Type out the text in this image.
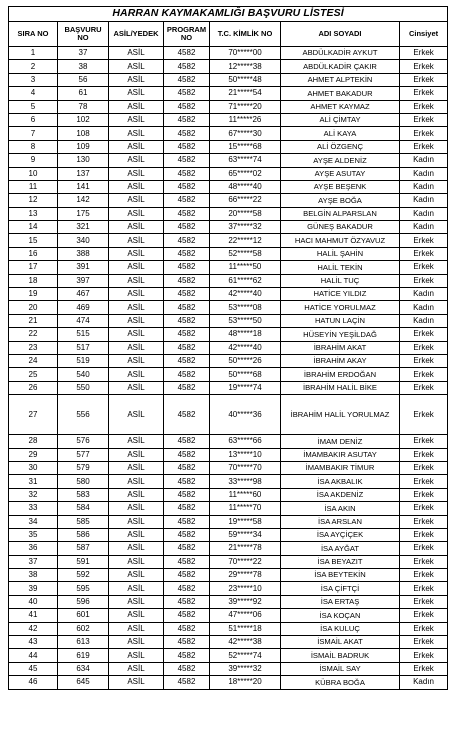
HARRAN KAYMAKAMLIĞI BAŞVURU LİSTESİ						
SIRA NO	BAŞVURU NO	ASİL/YEDEK	PROGRAM NO	T.C. KİMLİK NO	ADI SOYADI	Cinsiyet
1	37	ASİL	4582	70*****00	ABDÜLKADİR AYKUT	Erkek
2	38	ASİL	4582	12*****38	ABDÜLKADİR ÇAKIR	Erkek
3	56	ASİL	4582	50*****48	AHMET ALPTEKİN	Erkek
4	61	ASİL	4582	21*****54	AHMET BAKADUR	Erkek
5	78	ASİL	4582	71*****20	AHMET KAYMAZ	Erkek
6	102	ASİL	4582	11*****26	ALİ ÇİMTAY	Erkek
7	108	ASİL	4582	67*****30	ALİ KAYA	Erkek
8	109	ASİL	4582	15*****68	ALİ ÖZGENÇ	Erkek
9	130	ASİL	4582	63*****74	AYŞE ALDENİZ	Kadın
10	137	ASİL	4582	65*****02	AYŞE ASUTAY	Kadın
11	141	ASİL	4582	48*****40	AYŞE BEŞENK	Kadın
12	142	ASİL	4582	66*****22	AYŞE BOĞA	Kadın
13	175	ASİL	4582	20*****58	BELGİN ALPARSLAN	Kadın
14	321	ASİL	4582	37*****32	GÜNEŞ BAKADUR	Kadın
15	340	ASİL	4582	22*****12	HACI MAHMUT ÖZYAVUZ	Erkek
16	388	ASİL	4582	52*****58	HALİL ŞAHİN	Erkek
17	391	ASİL	4582	11*****50	HALİL TEKİN	Erkek
18	397	ASİL	4582	61*****62	HALİL TUÇ	Erkek
19	467	ASİL	4582	42*****40	HATİCE YILDIZ	Kadın
20	469	ASİL	4582	53*****08	HATİCE YORULMAZ	Kadın
21	474	ASİL	4582	53*****50	HATUN LAÇİN	Kadın
22	515	ASİL	4582	48*****18	HÜSEYİN YEŞİLDAĞ	Erkek
23	517	ASİL	4582	42*****40	İBRAHİM AKAT	Erkek
24	519	ASİL	4582	50*****26	İBRAHİM AKAY	Erkek
25	540	ASİL	4582	50*****68	İBRAHİM ERDOĞAN	Erkek
26	550	ASİL	4582	19*****74	İBRAHİM HALİL BİKE	Erkek
27	556	ASİL	4582	40*****36	İBRAHİM HALİL YORULMAZ	Erkek
28	576	ASİL	4582	63*****66	İMAM DENİZ	Erkek
29	577	ASİL	4582	13*****10	İMAMBAKIR ASUTAY	Erkek
30	579	ASİL	4582	70*****70	İMAMBAKIR TİMUR	Erkek
31	580	ASİL	4582	33*****98	İSA AKBALIK	Erkek
32	583	ASİL	4582	11*****60	İSA AKDENİZ	Erkek
33	584	ASİL	4582	11*****70	İSA AKIN	Erkek
34	585	ASİL	4582	19*****58	İSA ARSLAN	Erkek
35	586	ASİL	4582	59*****34	İSA AYÇİÇEK	Erkek
36	587	ASİL	4582	21*****78	İSA AYĞAT	Erkek
37	591	ASİL	4582	70*****22	İSA BEYAZIT	Erkek
38	592	ASİL	4582	29*****78	İSA BEYTEKİN	Erkek
39	595	ASİL	4582	23*****10	İSA ÇİFTÇİ	Erkek
40	596	ASİL	4582	39*****92	İSA ERTAŞ	Erkek
41	601	ASİL	4582	47*****06	İSA KOÇAN	Erkek
42	602	ASİL	4582	51*****18	İSA KULUÇ	Erkek
43	613	ASİL	4582	42*****38	İSMAİL AKAT	Erkek
44	619	ASİL	4582	52*****74	İSMAİL BADRUK	Erkek
45	634	ASİL	4582	39*****32	İSMAİL SAY	Erkek
46	645	ASİL	4582	18*****20	KÜBRA BOĞA	Kadın
